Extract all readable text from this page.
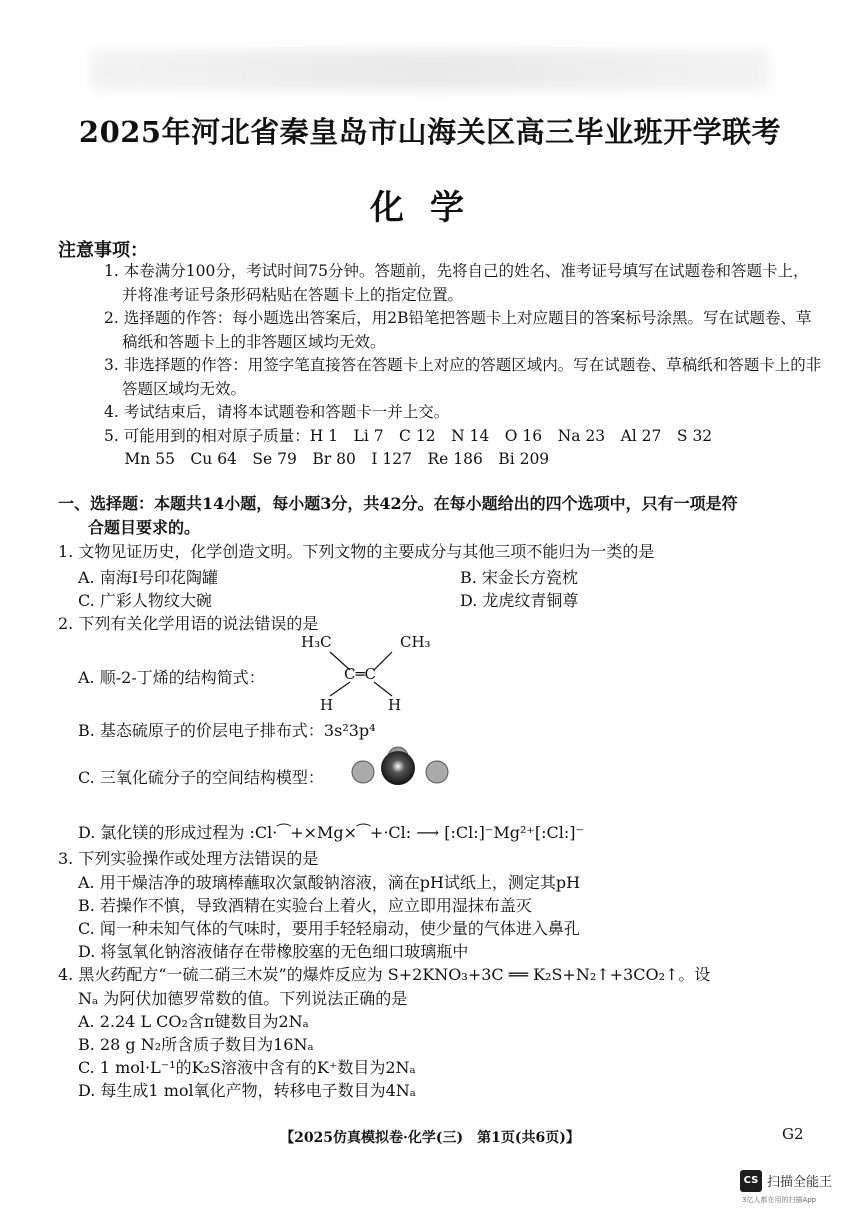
2025年河北省秦皇岛市山海关区高三毕业班开学联考
化学
注意事项：
1. 本卷满分100分，考试时间75分钟。答题前，先将自己的姓名、准考证号填写在试题卷和答题卡上，并将准考证号条形码粘贴在答题卡上的指定位置。
2. 选择题的作答：每小题选出答案后，用2B铅笔把答题卡上对应题目的答案标号涂黑。写在试题卷、草稿纸和答题卡上的非答题区域均无效。
3. 非选择题的作答：用签字笔直接答在答题卡上对应的答题区域内。写在试题卷、草稿纸和答题卡上的非答题区域均无效。
4. 考试结束后，请将本试题卷和答题卡一并上交。
5. 可能用到的相对原子质量：H 1　Li 7　C 12　N 14　O 16　Na 23　Al 27　S 32
　 Mn 55　Cu 64　Se 79　Br 80　I 127　Re 186　Bi 209
一、选择题：本题共14小题，每小题3分，共42分。在每小题给出的四个选项中，只有一项是符
合题目要求的。
1. 文物见证历史，化学创造文明。下列文物的主要成分与其他三项不能归为一类的是
A. 南海Ⅰ号印花陶罐	B. 宋金长方瓷枕
C. 广彩人物纹大碗	D. 龙虎纹青铜尊
2. 下列有关化学用语的说法错误的是
H₃C	CH₃
A. 顺-2-丁烯的结构简式：	C═C
H	H
B. 基态硫原子的价层电子排布式：3s²3p⁴
C. 三氧化硫分子的空间结构模型：
D. 氯化镁的形成过程为 :Cl·⁀+×Mg×⁀+·Cl: ⟶ [:Cl:]⁻Mg²⁺[:Cl:]⁻
3. 下列实验操作或处理方法错误的是
A. 用干燥洁净的玻璃棒蘸取次氯酸钠溶液，滴在pH试纸上，测定其pH
B. 若操作不慎，导致酒精在实验台上着火，应立即用湿抹布盖灭
C. 闻一种未知气体的气味时，要用手轻轻扇动，使少量的气体进入鼻孔
D. 将氢氧化钠溶液储存在带橡胶塞的无色细口玻璃瓶中
4. 黑火药配方“一硫二硝三木炭”的爆炸反应为 S+2KNO₃+3C ══ K₂S+N₂↑+3CO₂↑。设
Nₐ 为阿伏加德罗常数的值。下列说法正确的是
A. 2.24 L CO₂含π键数目为2Nₐ
B. 28 g N₂所含质子数目为16Nₐ
C. 1 mol·L⁻¹的K₂S溶液中含有的K⁺数目为2Nₐ
D. 每生成1 mol氧化产物，转移电子数目为4Nₐ
【2025仿真模拟卷·化学(三)　第1页(共6页)】	G2
CS 扫描全能王
3亿人都在用的扫描App
